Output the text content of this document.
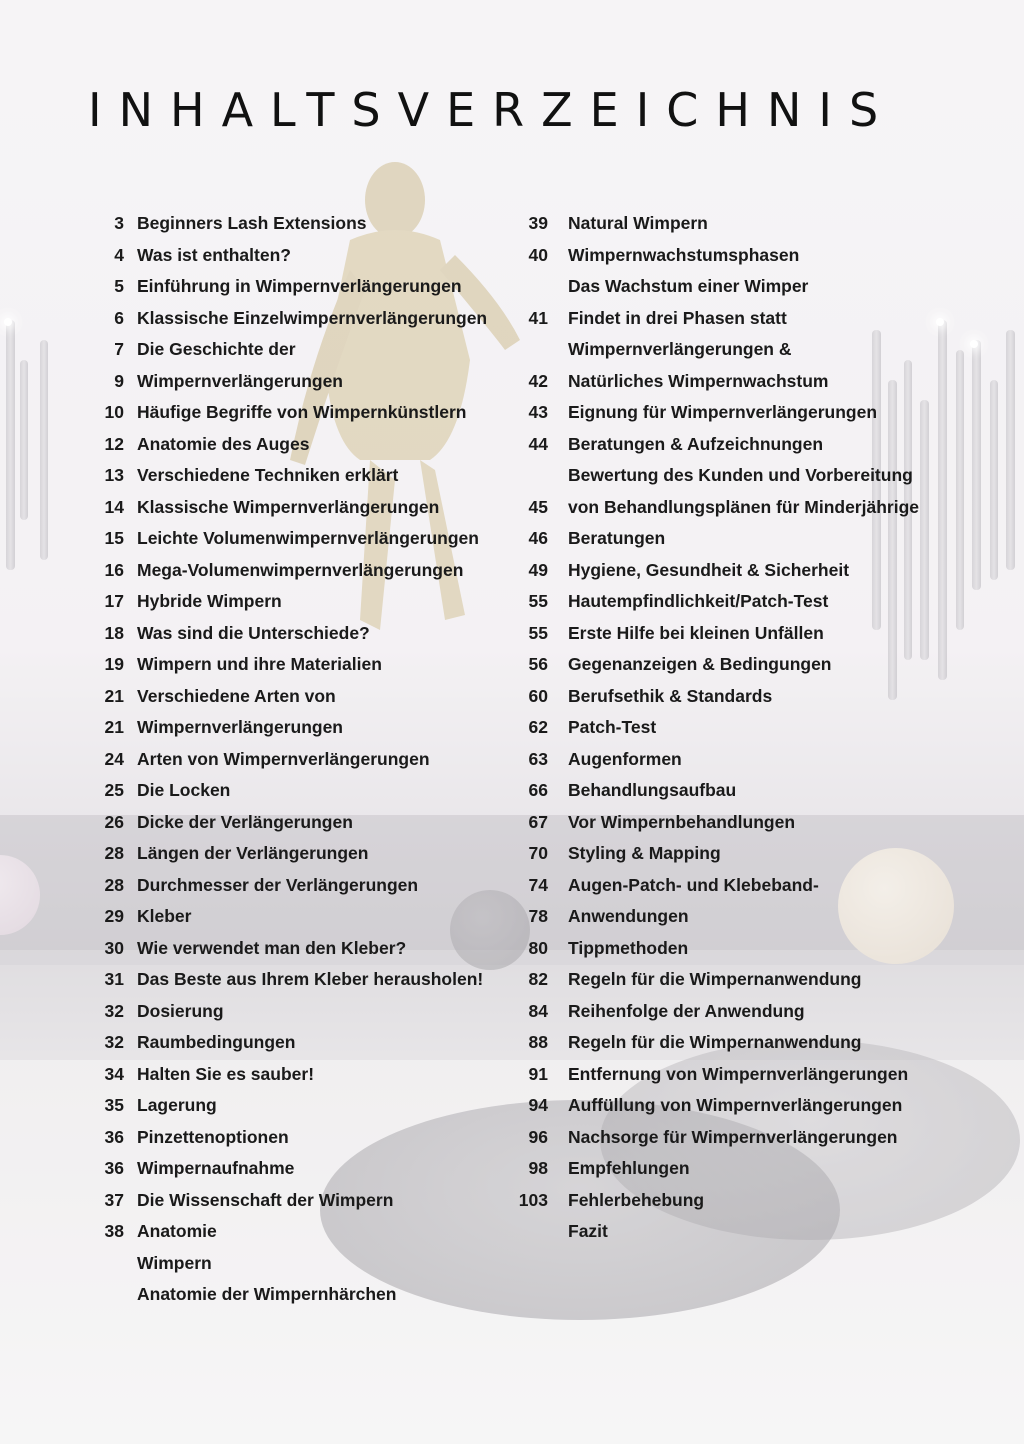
INHALTSVERZEICHNIS
3 Beginners Lash Extensions
4 Was ist enthalten?
5 Einführung in Wimpernverlängerungen
6 Klassische Einzelwimpernverlängerungen
7 Die Geschichte der
9 Wimpernverlängerungen
10 Häufige Begriffe von Wimpernkünstlern
12 Anatomie des Auges
13 Verschiedene Techniken erklärt
14 Klassische Wimpernverlängerungen
15 Leichte Volumenwimpernverlängerungen
16 Mega-Volumenwimpernverlängerungen
17 Hybride Wimpern
18 Was sind die Unterschiede?
19 Wimpern und ihre Materialien
21 Verschiedene Arten von
21 Wimpernverlängerungen
24 Arten von Wimpernverlängerungen
25 Die Locken
26 Dicke der Verlängerungen
28 Längen der Verlängerungen
28 Durchmesser der Verlängerungen
29 Kleber
30 Wie verwendet man den Kleber?
31 Das Beste aus Ihrem Kleber herausholen!
32 Dosierung
32 Raumbedingungen
34 Halten Sie es sauber!
35 Lagerung
36 Pinzettenoptionen
36 Wimpernaufnahme
37 Die Wissenschaft der Wimpern
38 Anatomie
Wimpern
Anatomie der Wimpernhärchen
39 Natural Wimpern
40 Wimpernwachstumsphasen
Das Wachstum einer Wimper
41 Findet in drei Phasen statt
Wimpernverlängerungen &
42 Natürliches Wimpernwachstum
43 Eignung für Wimpernverlängerungen
44 Beratungen & Aufzeichnungen
Bewertung des Kunden und Vorbereitung
45 von Behandlungsplänen für Minderjährige
46 Beratungen
49 Hygiene, Gesundheit & Sicherheit
55 Hautempfindlichkeit/Patch-Test
55 Erste Hilfe bei kleinen Unfällen
56 Gegenanzeigen & Bedingungen
60 Berufsethik & Standards
62 Patch-Test
63 Augenformen
66 Behandlungsaufbau
67 Vor Wimpernbehandlungen
70 Styling & Mapping
74 Augen-Patch- und Klebeband-
78 Anwendungen
80 Tippmethoden
82 Regeln für die Wimpernanwendung
84 Reihenfolge der Anwendung
88 Regeln für die Wimpernanwendung
91 Entfernung von Wimpernverlängerungen
94 Auffüllung von Wimpernverlängerungen
96 Nachsorge für Wimpernverlängerungen
98 Empfehlungen
103 Fehlerbehebung
Fazit
